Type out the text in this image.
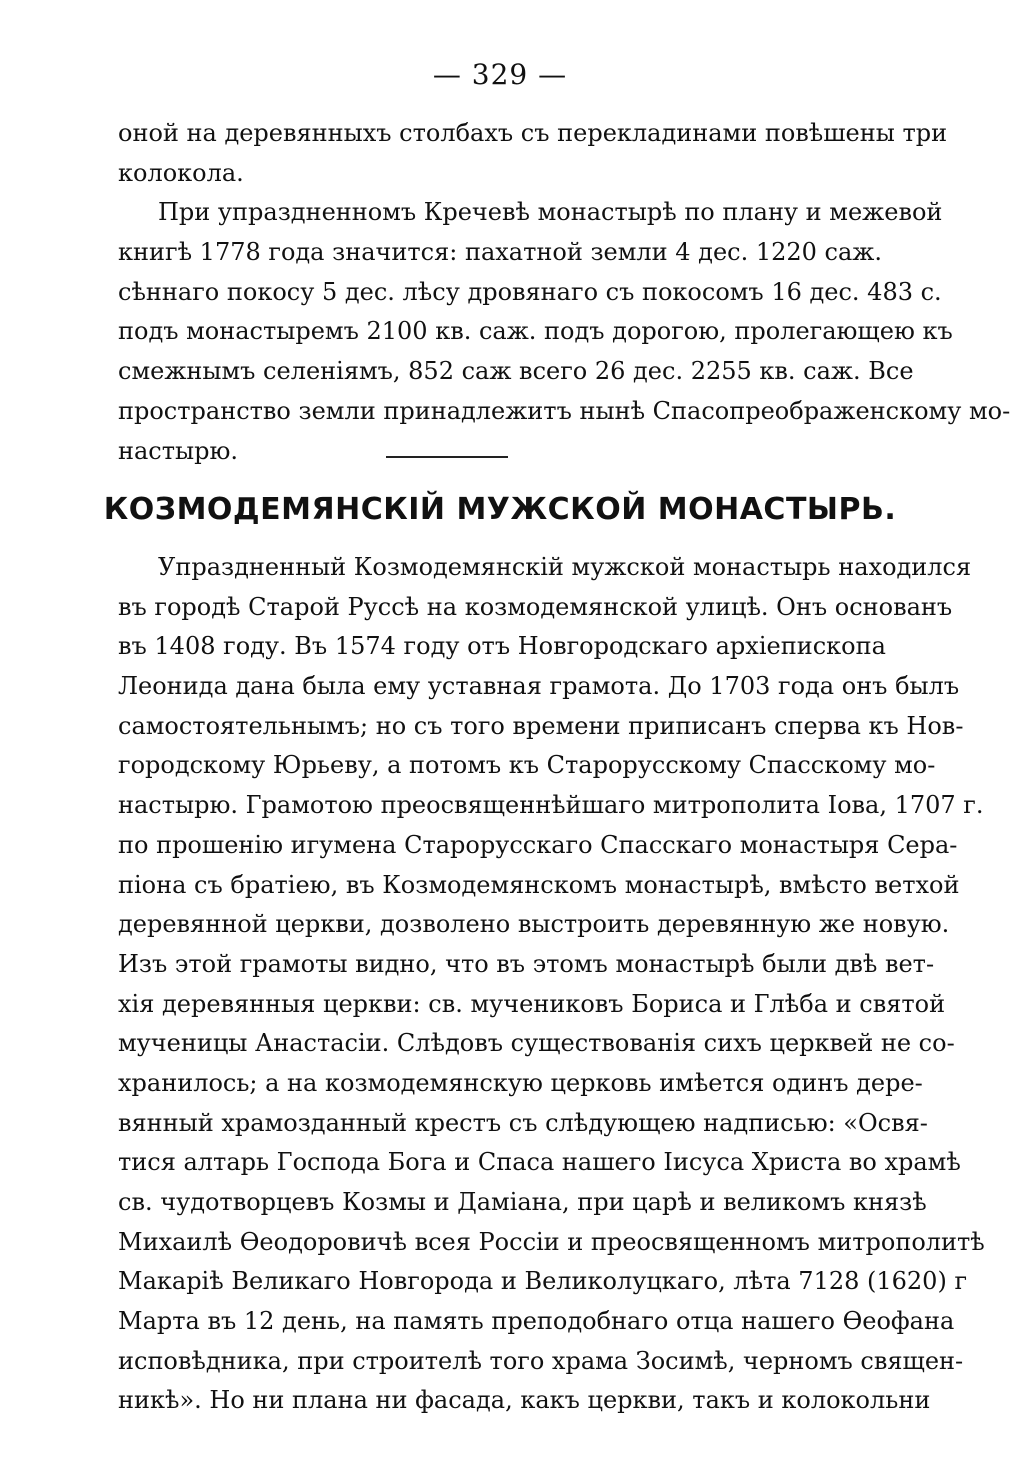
— 329 —
оной на деревянныхъ столбахъ съ перекладинами повѣшены три
колокола.
При упраздненномъ Кречевѣ монастырѣ по плану и межевой
книгѣ 1778 года значится: пахатной земли 4 дес. 1220 саж.
сѣннаго покосу 5 дес. лѣсу дровянаго съ покосомъ 16 дес. 483 с.
подъ монастыремъ 2100 кв. саж. подъ дорогою, пролегающею къ
смежнымъ селеніямъ, 852 саж всего 26 дес. 2255 кв. саж. Все
пространство земли принадлежитъ нынѣ Спасопреображенскому мо-
настырю.
КОЗМОДЕМЯНСКІЙ МУЖСКОЙ МОНАСТЫРЬ.
Упраздненный Козмодемянскій мужской монастырь находился
въ городѣ Старой Руссѣ на козмодемянской улицѣ. Онъ основанъ
въ 1408 году. Въ 1574 году отъ Новгородскаго архіепископа
Леонида дана была ему уставная грамота. До 1703 года онъ былъ
самостоятельнымъ; но съ того времени приписанъ сперва къ Нов-
городскому Юрьеву, а потомъ къ Старорусскому Спасскому мо-
настырю. Грамотою преосвященнѣйшаго митрополита Іова, 1707 г.
по прошенію игумена Старорусскаго Спасскаго монастыря Сера-
піона съ братіею, въ Козмодемянскомъ монастырѣ, вмѣсто ветхой
деревянной церкви, дозволено выстроить деревянную же новую.
Изъ этой грамоты видно, что въ этомъ монастырѣ были двѣ вет-
хія деревянныя церкви: св. мучениковъ Бориса и Глѣба и святой
мученицы Анастасіи. Слѣдовъ существованія сихъ церквей не со-
хранилось; а на козмодемянскую церковь имѣется одинъ дере-
вянный храмозданный крестъ съ слѣдующею надписью: «Освя-
тися алтарь Господа Бога и Спаса нашего Іисуса Христа во храмѣ
св. чудотворцевъ Козмы и Даміана, при царѣ и великомъ князѣ
Михаилѣ Ѳеодоровичѣ всея Россіи и преосвященномъ митрополитѣ
Макаріѣ Великаго Новгорода и Великолуцкаго, лѣта 7128 (1620) г
Марта въ 12 день, на память преподобнаго отца нашего Ѳеофана
исповѣдника, при строителѣ того храма Зосимѣ, черномъ священ-
никѣ». Но ни плана ни фасада, какъ церкви, такъ и колокольни
